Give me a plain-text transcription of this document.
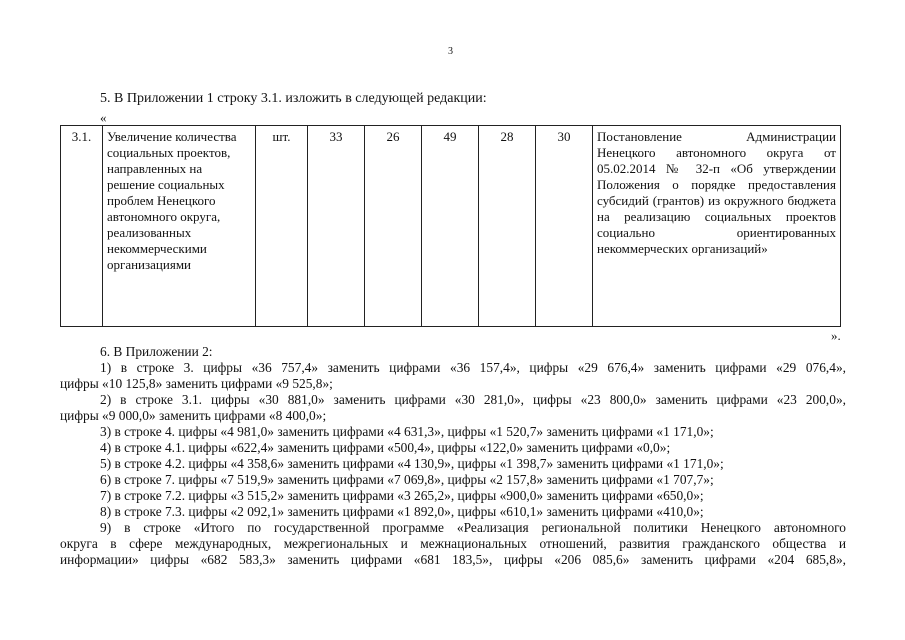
3
5. В Приложении 1 строку 3.1. изложить в следующей редакции:
«
3.1.	Увеличение количества социальных проектов, направленных на решение социальных проблем Ненецкого автономного округа, реализованных некоммерческими организациями	шт.	33	26	49	28	30	Постановление Администрации Ненецкого автономного округа от 05.02.2014 № 32-п «Об утверждении Положения о порядке предоставления субсидий (грантов) из окружного бюджета на реализацию социальных проектов социально ориентированных некоммерческих организаций»
».

6. В Приложении 2:

1) в строке 3. цифры «36 757,4» заменить цифрами «36 157,4», цифры «29 676,4» заменить цифрами «29 076,4»,

цифры «10 125,8» заменить цифрами «9 525,8»;

2) в строке 3.1. цифры «30 881,0» заменить цифрами «30 281,0», цифры «23 800,0» заменить цифрами «23 200,0»,

цифры «9 000,0» заменить цифрами «8 400,0»;

3) в строке 4. цифры «4 981,0» заменить цифрами «4 631,3», цифры «1 520,7» заменить цифрами «1 171,0»;

4) в строке 4.1. цифры «622,4» заменить цифрами «500,4», цифры «122,0» заменить цифрами «0,0»;

5) в строке 4.2. цифры «4 358,6» заменить цифрами «4 130,9», цифры «1 398,7» заменить цифрами «1 171,0»;

6) в строке 7. цифры «7 519,9» заменить цифрами «7 069,8», цифры «2 157,8» заменить цифрами «1 707,7»;

7) в строке 7.2. цифры «3 515,2» заменить цифрами «3 265,2», цифры «900,0» заменить цифрами «650,0»;

8) в строке 7.3. цифры «2 092,1» заменить цифрами «1 892,0», цифры «610,1» заменить цифрами «410,0»;

9) в строке «Итого по государственной программе «Реализация региональной политики Ненецкого автономного

округа в сфере международных, межрегиональных и межнациональных отношений, развития гражданского общества и

информации» цифры «682 583,3» заменить цифрами «681 183,5», цифры «206 085,6» заменить цифрами «204 685,8»,
